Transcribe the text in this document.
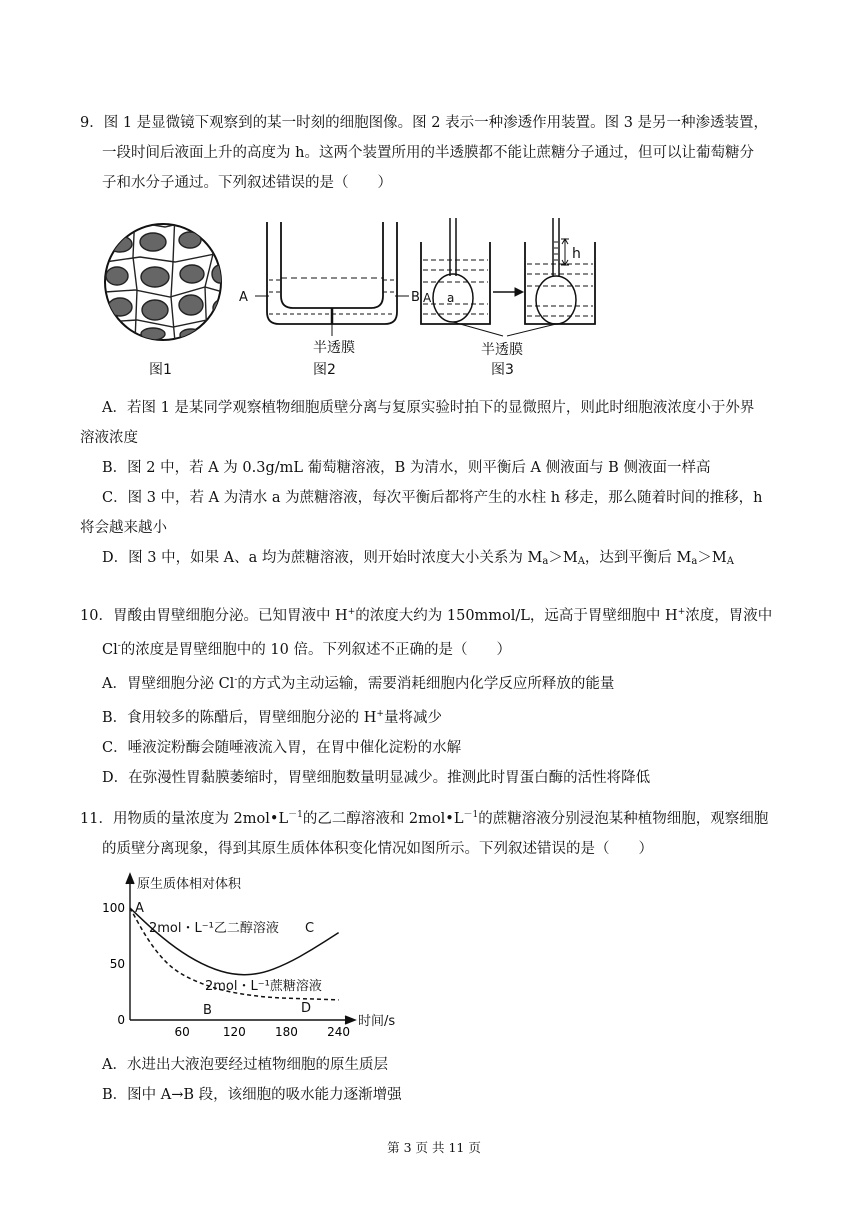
9．图 1 是显微镜下观察到的某一时刻的细胞图像。图 2 表示一种渗透作用装置。图 3 是另一种渗透装置，

一段时间后液面上升的高度为 h。这两个装置所用的半透膜都不能让蔗糖分子通过，但可以让葡萄糖分

子和水分子通过。下列叙述错误的是（　　）

A	B A a
h
半透膜	半透膜
图1	图2	图3

A．若图 1 是某同学观察植物细胞质壁分离与复原实验时拍下的显微照片，则此时细胞液浓度小于外界

溶液浓度

B．图 2 中，若 A 为 0.3g/mL 葡萄糖溶液，B 为清水，则平衡后 A 侧液面与 B 侧液面一样高

C．图 3 中，若 A 为清水 a 为蔗糖溶液，每次平衡后都将产生的水柱 h 移走，那么随着时间的推移，h

将会越来越小

D．图 3 中，如果 A、a 均为蔗糖溶液，则开始时浓度大小关系为 $M_a>M_A$，达到平衡后 $M_a>M_A$

10．胃酸由胃壁细胞分泌。已知胃液中 H+的浓度大约为 150mmol/L，远高于胃壁细胞中 H+浓度，胃液中

Cl-的浓度是胃壁细胞中的 10 倍。下列叙述不正确的是（　　）

A．胃壁细胞分泌 Cl-的方式为主动运输，需要消耗细胞内化学反应所释放的能量

B．食用较多的陈醋后，胃壁细胞分泌的 H+量将减少

C．唾液淀粉酶会随唾液流入胃，在胃中催化淀粉的水解

D．在弥漫性胃黏膜萎缩时，胃壁细胞数量明显减少。推测此时胃蛋白酶的活性将降低

11．用物质的量浓度为 $2mol•L^{-1}$的乙二醇溶液和 $2mol•L^{-1}$的蔗糖溶液分别浸泡某种植物细胞，观察细胞

的质壁分离现象，得到其原生质体体积变化情况如图所示。下列叙述错误的是（　　）

原生质体相对体积
时间/s
60	120 180 240
0
50
100
2mol・L⁻¹乙二醇溶液
2mol・L⁻¹蔗糖溶液
A
B
C
D

A．水进出大液泡要经过植物细胞的原生质层

B．图中 A→B 段，该细胞的吸水能力逐渐增强

第 3 页 共 11 页
